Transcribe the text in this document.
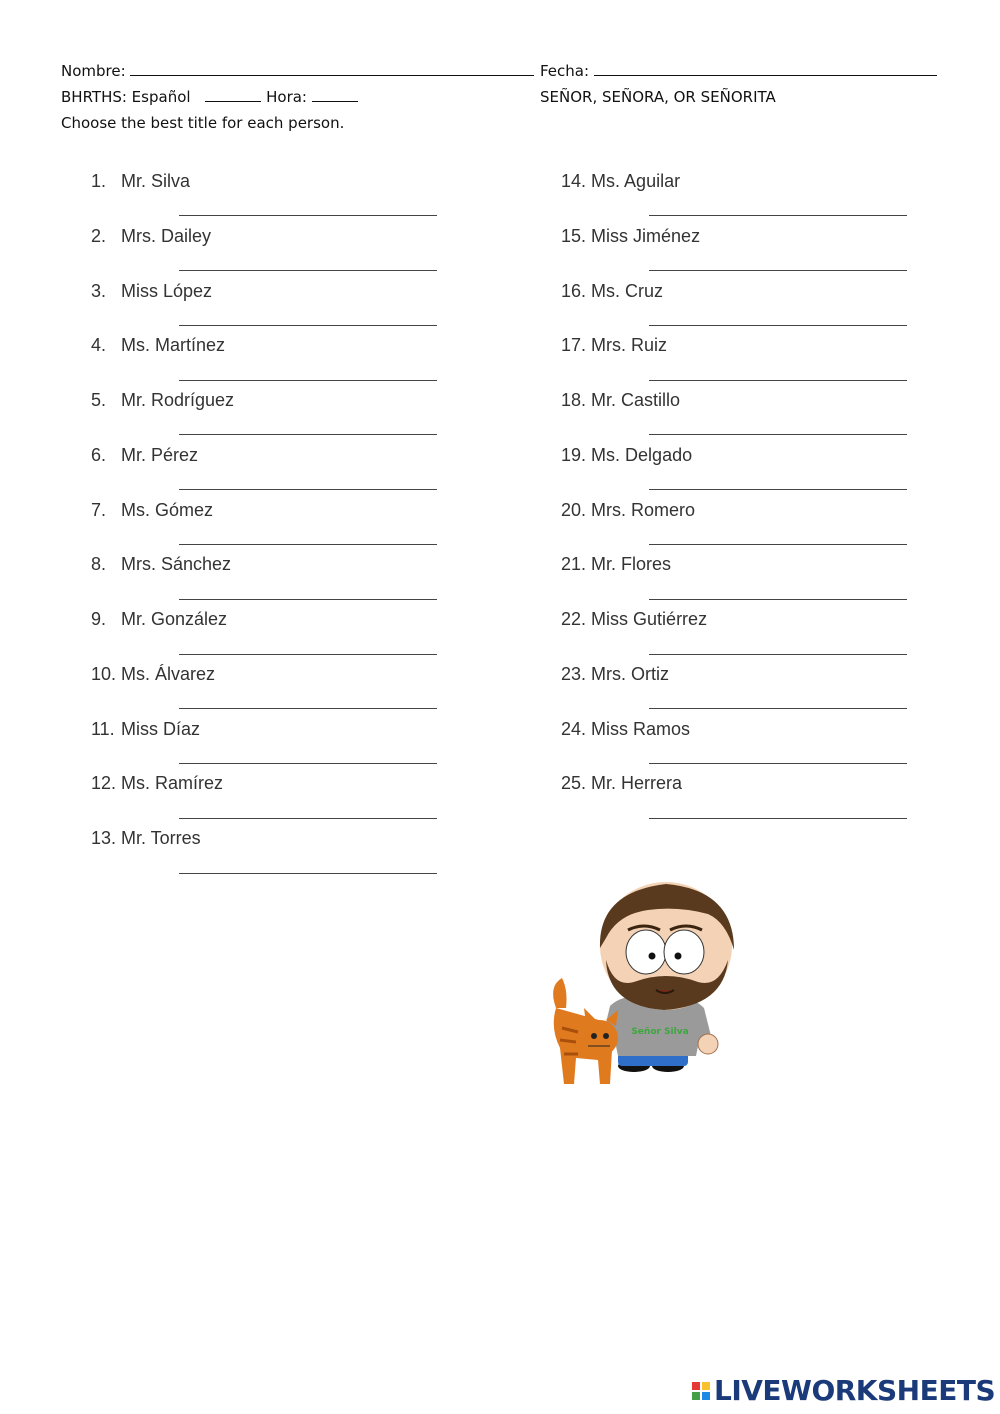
Nombre:	Fecha:
BHRTHS: Español	Hora:	SEÑOR, SEÑORA, OR SEÑORITA
Choose the best title for each person.
1. Mr. Silva
2. Mrs. Dailey
3. Miss López
4. Ms. Martínez
5. Mr. Rodríguez
6. Mr. Pérez
7. Ms. Gómez
8. Mrs. Sánchez
9. Mr. González
10. Ms. Álvarez
11. Miss Díaz
12. Ms. Ramírez
13. Mr. Torres
14. Ms. Aguilar
15. Miss Jiménez
16. Ms. Cruz
17. Mrs. Ruiz
18. Mr. Castillo
19. Ms. Delgado
20. Mrs. Romero
21. Mr. Flores
22. Miss Gutiérrez
23. Mrs. Ortiz
24. Miss Ramos
25. Mr. Herrera
Señor Silva
LIVEWORKSHEETS
